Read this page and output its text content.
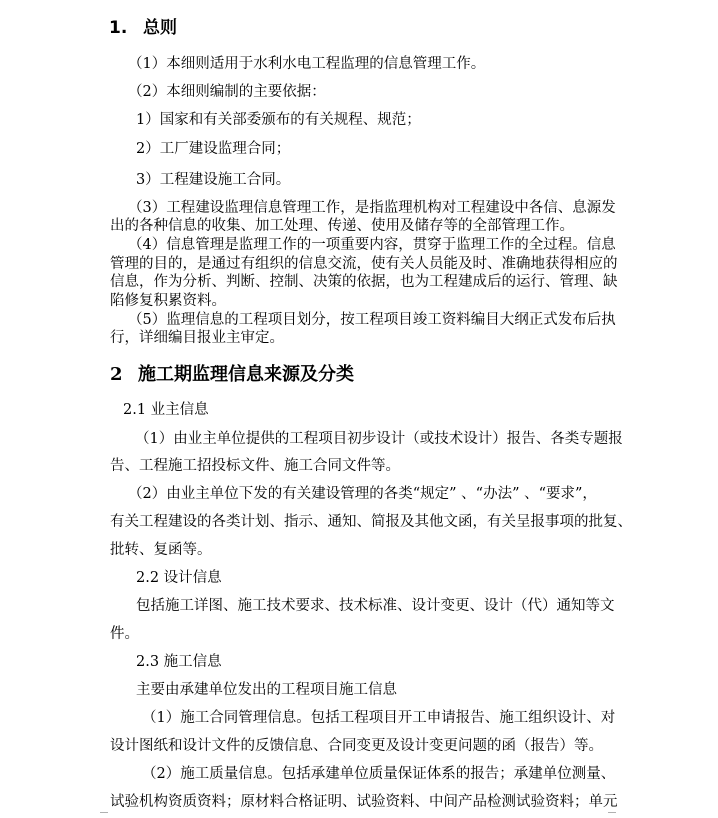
1. 总则
（1）本细则适用于水利水电工程监理的信息管理工作。
（2）本细则编制的主要依据：
1）国家和有关部委颁布的有关规程、规范；
2）工厂建设监理合同；
3）工程建设施工合同。
（3）工程建设监理信息管理工作，是指监理机构对工程建设中各信、息源发
出的各种信息的收集、加工处理、传递、使用及储存等的全部管理工作。
（4）信息管理是监理工作的一项重要内容，贯穿于监理工作的全过程。信息
管理的目的，是通过有组织的信息交流，使有关人员能及时、准确地获得相应的
信息，作为分析、判断、控制、决策的依据，也为工程建成后的运行、管理、缺
陷修复积累资料。
（5）监理信息的工程项目划分，按工程项目竣工资料编目大纲正式发布后执
行，详细编目报业主审定。
2 施工期监理信息来源及分类
2.1 业主信息
（1）由业主单位提供的工程项目初步设计（或技术设计）报告、各类专题报
告、工程施工招投标文件、施工合同文件等。
（2）由业主单位下发的有关建设管理的各类“规定” 、“办法” 、“要求”，
有关工程建设的各类计划、指示、通知、简报及其他文函，有关呈报事项的批复、
批转、复函等。
2.2 设计信息
包括施工详图、施工技术要求、技术标准、设计变更、设计（代）通知等文
件。
2.3 施工信息
主要由承建单位发出的工程项目施工信息
（1）施工合同管理信息。包括工程项目开工申请报告、施工组织设计、对
设计图纸和设计文件的反馈信息、合同变更及设计变更问题的函（报告）等。
（2）施工质量信息。包括承建单位质量保证体系的报告；承建单位测量、
试验机构资质资料；原材料合格证明、试验资料、中间产品检测试验资料；单元
